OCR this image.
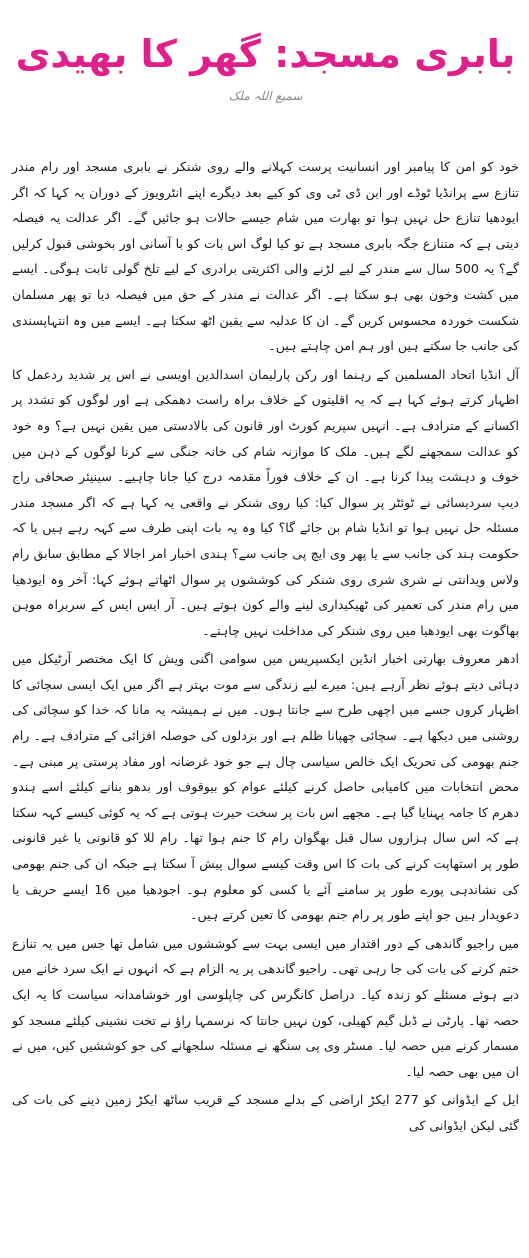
بابری مسجد: گھر کا بھیدی
سمیع اللہ ملک

خود کو امن کا پیامبر اور انسانیت پرست کہلانے والے روی شنکر نے بابری مسجد اور رام مندر تنازع سے پرانڈیا ٹوڈے اور این ڈی ٹی وی کو کیے بعد دیگرے اپنے انٹرویوز کے دوران یہ کہا کہ اگر ایودھیا تنازع حل نہیں ہوا تو بھارت میں شام جیسے حالات ہو جائیں گے۔ اگر عدالت یہ فیصلہ دیتی ہے کہ متنازع جگہ بابری مسجد ہے تو کیا لوگ اس بات کو با آسانی اور بخوشی قبول کرلیں گے؟ یہ 500 سال سے مندر کے لیے لڑنے والی اکثریتی برادری کے لیے تلخ گولی ثابت ہوگی۔ ایسے میں کشت وخون بھی ہو سکتا ہے۔ اگر عدالت نے مندر کے حق میں فیصلہ دیا تو پھر مسلمان شکست خوردہ محسوس کریں گے۔ ان کا عدلیہ سے یقین اٹھ سکتا ہے۔ ایسے میں وہ انتہاپسندی کی جانب جا سکتے ہیں اور ہم امن چاہتے ہیں۔

آل انڈیا اتحاد المسلمین کے رہنما اور رکن پارلیمان اسدالدین اویسی نے اس پر شدید ردعمل کا اظہار کرتے ہوئے کہا ہے کہ یہ اقلیتوں کے خلاف براہ راست دھمکی ہے اور لوگوں کو تشدد پر اکسانے کے مترادف ہے۔ انہیں سپریم کورٹ اور قانون کی بالادستی میں یقین نہیں ہے؟ وہ خود کو عدالت سمجھنے لگے ہیں۔ ملک کا موازنہ شام کی خانہ جنگی سے کرنا لوگوں کے ذہن میں خوف و دہشت پیدا کرنا ہے۔ ان کے خلاف فوراً مقدمہ درج کیا جانا چاہیے۔ سینیئر صحافی راج دیپ سردیسائی نے ٹوئٹر پر سوال کیا: کیا روی شنکر نے واقعی یہ کہا ہے کہ اگر مسجد مندر مسئلہ حل نہیں ہوا تو انڈیا شام بن جائے گا؟ کیا وہ یہ بات اپنی طرف سے کہہ رہے ہیں یا کہ حکومت ہند کی جانب سے یا پھر وی ایچ پی جانب سے؟ ہندی اخبار امر اجالا کے مطابق سابق رام ولاس ویدانتی نے شری شری روی شنکر کی کوششوں پر سوال اٹھاتے ہوئے کہا: آخر وہ ایودھیا میں رام مندر کی تعمیر کی ٹھیکیداری لینے والے کون ہوتے ہیں۔ آر ایس ایس کے سربراہ موہن بھاگوت بھی ایودھیا میں روی شنکر کی مداخلت نہیں چاہتے۔

ادھر معروف بھارتی اخبار انڈین ایکسپریس میں سوامی اگنی ویش کا ایک مختصر آرٹیکل میں دہائی دیتے ہوئے نظر آرہے ہیں: میرے لیے زندگی سے موت بہتر ہے اگر میں ایک ایسی سچائی کا اظہار کروں جسے میں اچھی طرح سے جانتا ہوں۔ میں نے ہمیشہ یہ مانا کہ خدا کو سچائی کی روشنی میں دیکھا ہے۔ سچائی چھپانا ظلم ہے اور بزدلوں کی حوصلہ افزائی کے مترادف ہے۔ رام جنم بھومی کی تحریک ایک خالص سیاسی چال ہے جو خود غرضانہ اور مفاد پرستی پر مبنی ہے۔ محض انتخابات میں کامیابی حاصل کرنے کیلئے عوام کو بیوقوف اور بدھو بنانے کیلئے اسے ہندو دھرم کا جامہ پہنایا گیا ہے۔ مجھے اس بات پر سخت حیرت ہوتی ہے کہ یہ کوئی کیسے کہہ سکتا ہے کہ اس سال ہزاروں سال قبل بھگوان رام کا جنم ہوا تھا۔ رام للا کو قانونی یا غیر قانونی طور پر استھاپت کرنے کی بات کا اس وقت کیسے سوال پیش آ سکتا ہے جبکہ ان کی جنم بھومی کی نشاندہی پورے طور پر سامنے آئے یا کسی کو معلوم ہو۔ اجودھیا میں 16 ایسے حریف یا دعویدار ہیں جو اپنے طور پر رام جنم بھومی کا تعین کرتے ہیں۔

میں راجیو گاندھی کے دور اقتدار میں ایسی بہت سے کوششوں میں شامل تھا جس میں یہ تنازع ختم کرنے کی بات کی جا رہی تھی۔ راجیو گاندھی پر یہ الزام ہے کہ انہوں نے ایک سرد خانے میں دبے ہوئے مسئلے کو زندہ کیا۔ دراصل کانگرس کی چاپلوسی اور خوشامدانہ سیاست کا یہ ایک حصہ تھا۔ پارٹی نے ڈبل گیم کھیلی، کون نہیں جانتا کہ نرسمہا راؤ نے تخت نشینی کیلئے مسجد کو مسمار کرنے میں حصہ لیا۔ مسٹر وی پی سنگھ نے مسئلہ سلجھانے کی جو کوششیں کیں، میں نے ان میں بھی حصہ لیا۔

ایل کے ایڈوانی کو 277 ایکڑ اراضی کے بدلے مسجد کے قریب ساٹھ ایکڑ زمین دینے کی بات کی گئی لیکن ایڈوانی کی
